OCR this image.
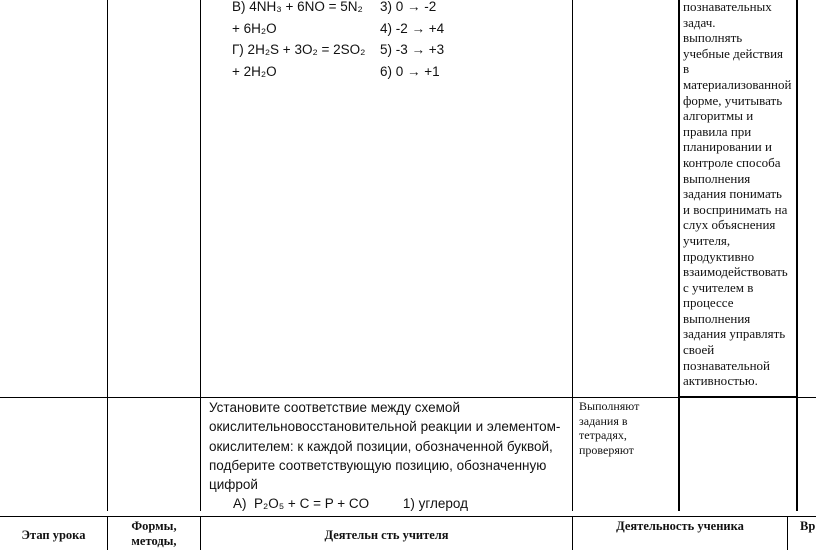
В) 4NH₃ + 6NO = 5N₂
+ 6H₂O
Г) 2H₂S + 3O₂ = 2SO₂
+ 2H₂O
3) 0 → -2
4) -2 → +4
5) -3 → +3
6) 0 → +1
познавательных
задач.
выполнять
учебные действия
в
материализованной
форме, учитывать
алгоритмы и
правила при
планировании и
контроле способа
выполнения
задания понимать
и воспринимать на
слух объяснения
учителя,
продуктивно
взаимодействовать
с учителем в
процессе
выполнения
задания управлять
своей
познавательной
активностью.
Установите соответствие между схемой
окислительновосстановительной реакции и элементом-
окислителем: к каждой позиции, обозначенной буквой,
подберите соответствующую позицию, обозначенную
цифрой
А)  P₂O₅ + C = P + CO         1) углерод
Выполняют
задания в
тетрадях,
проверяют
Этап урока
Формы,
методы,	Деятельн сть учителя
Деятельность ученика	Вр
